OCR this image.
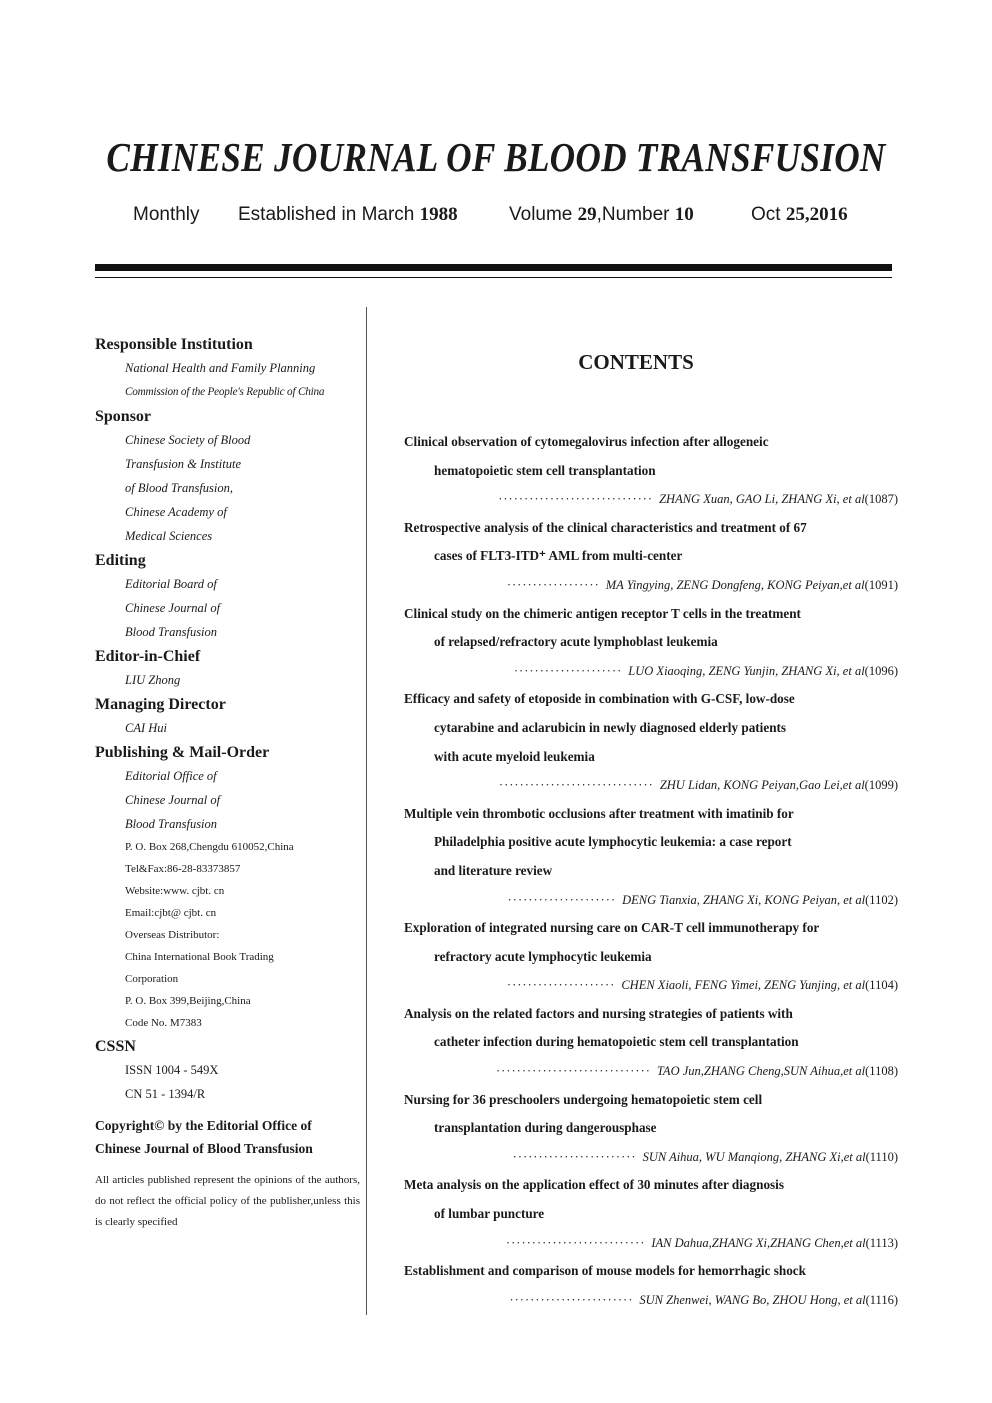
CHINESE JOURNAL OF BLOOD TRANSFUSION
Monthly Established in March 1988	Volume 29,Number 10	Oct 25,2016
Responsible Institution
National Health and Family Planning
Commission of the People's Republic of China
Sponsor
Chinese Society of Blood
Transfusion & Institute
of Blood Transfusion,
Chinese Academy of
Medical Sciences
Editing
Editorial Board of
Chinese Journal of
Blood Transfusion
Editor-in-Chief
LIU Zhong
Managing Director
CAI Hui
Publishing & Mail-Order
Editorial Office of
Chinese Journal of
Blood Transfusion
P. O. Box 268,Chengdu 610052,China
Tel&Fax:86-28-83373857
Website:www. cjbt. cn
Email:cjbt@ cjbt. cn
Overseas Distributor:
China International Book Trading
Corporation
P. O. Box 399,Beijing,China
Code No. M7383
CSSN
ISSN 1004 - 549X
CN 51 - 1394/R
Copyright© by the Editorial Office of
Chinese Journal of Blood Transfusion
All articles published represent the opinions of the authors, do not reflect the official policy of the publisher,unless this is clearly specified
CONTENTS
Clinical observation of cytomegalovirus infection after allogeneic
hematopoietic stem cell transplantation
······························ ZHANG Xuan, GAO Li, ZHANG Xi, et al (1087)
Retrospective analysis of the clinical characteristics and treatment of 67
cases of FLT3-ITD⁺ AML from multi-center
·················· MA Yingying, ZENG Dongfeng, KONG Peiyan,et al (1091)
Clinical study on the chimeric antigen receptor T cells in the treatment
of relapsed/refractory acute lymphoblast leukemia
····················· LUO Xiaoqing, ZENG Yunjin, ZHANG Xi, et al (1096)
Efficacy and safety of etoposide in combination with G-CSF, low-dose
cytarabine and aclarubicin in newly diagnosed elderly patients
with acute myeloid leukemia
······························ ZHU Lidan, KONG Peiyan,Gao Lei,et al (1099)
Multiple vein thrombotic occlusions after treatment with imatinib for
Philadelphia positive acute lymphocytic leukemia: a case report
and literature review
····················· DENG Tianxia, ZHANG Xi, KONG Peiyan, et al (1102)
Exploration of integrated nursing care on CAR-T cell immunotherapy for
refractory acute lymphocytic leukemia
····················· CHEN Xiaoli, FENG Yimei, ZENG Yunjing, et al (1104)
Analysis on the related factors and nursing strategies of patients with
catheter infection during hematopoietic stem cell transplantation
······························ TAO Jun,ZHANG Cheng,SUN Aihua,et al (1108)
Nursing for 36 preschoolers undergoing hematopoietic stem cell
transplantation during dangerousphase
························ SUN Aihua, WU Manqiong, ZHANG Xi,et al (1110)
Meta analysis on the application effect of 30 minutes after diagnosis
of lumbar puncture
··························· IAN Dahua,ZHANG Xi,ZHANG Chen,et al (1113)
Establishment and comparison of mouse models for hemorrhagic shock
························ SUN Zhenwei, WANG Bo, ZHOU Hong, et al (1116)
